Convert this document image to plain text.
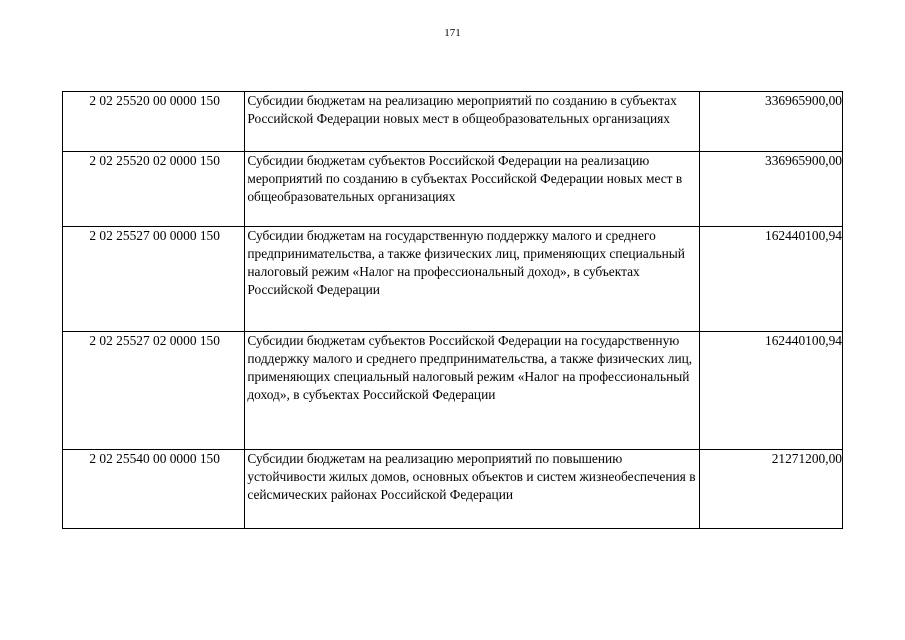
171
2 02 25520 00 0000 150	Субсидии бюджетам на реализацию мероприятий по созданию в субъектах Российской Федерации новых мест в общеобразовательных организациях	336965900,00
2 02 25520 02 0000 150	Субсидии бюджетам субъектов Российской Федерации на реализацию мероприятий по созданию в субъектах Российской Федерации новых мест в общеобразовательных организациях	336965900,00
2 02 25527 00 0000 150	Субсидии бюджетам на государственную поддержку малого и среднего предпринимательства, а также физических лиц, применяющих специальный налоговый режим «Налог на профессиональный доход», в субъектах Российской Федерации	162440100,94
2 02 25527 02 0000 150	Субсидии бюджетам субъектов Российской Федерации на государственную поддержку малого и среднего предпринимательства, а также физических лиц, применяющих специальный налоговый режим «Налог на профессиональный доход», в субъектах Российской Федерации	162440100,94
2 02 25540 00 0000 150	Субсидии бюджетам на реализацию мероприятий по повышению устойчивости жилых домов, основных объектов и систем жизнеобеспечения в сейсмических районах Российской Федерации	21271200,00
